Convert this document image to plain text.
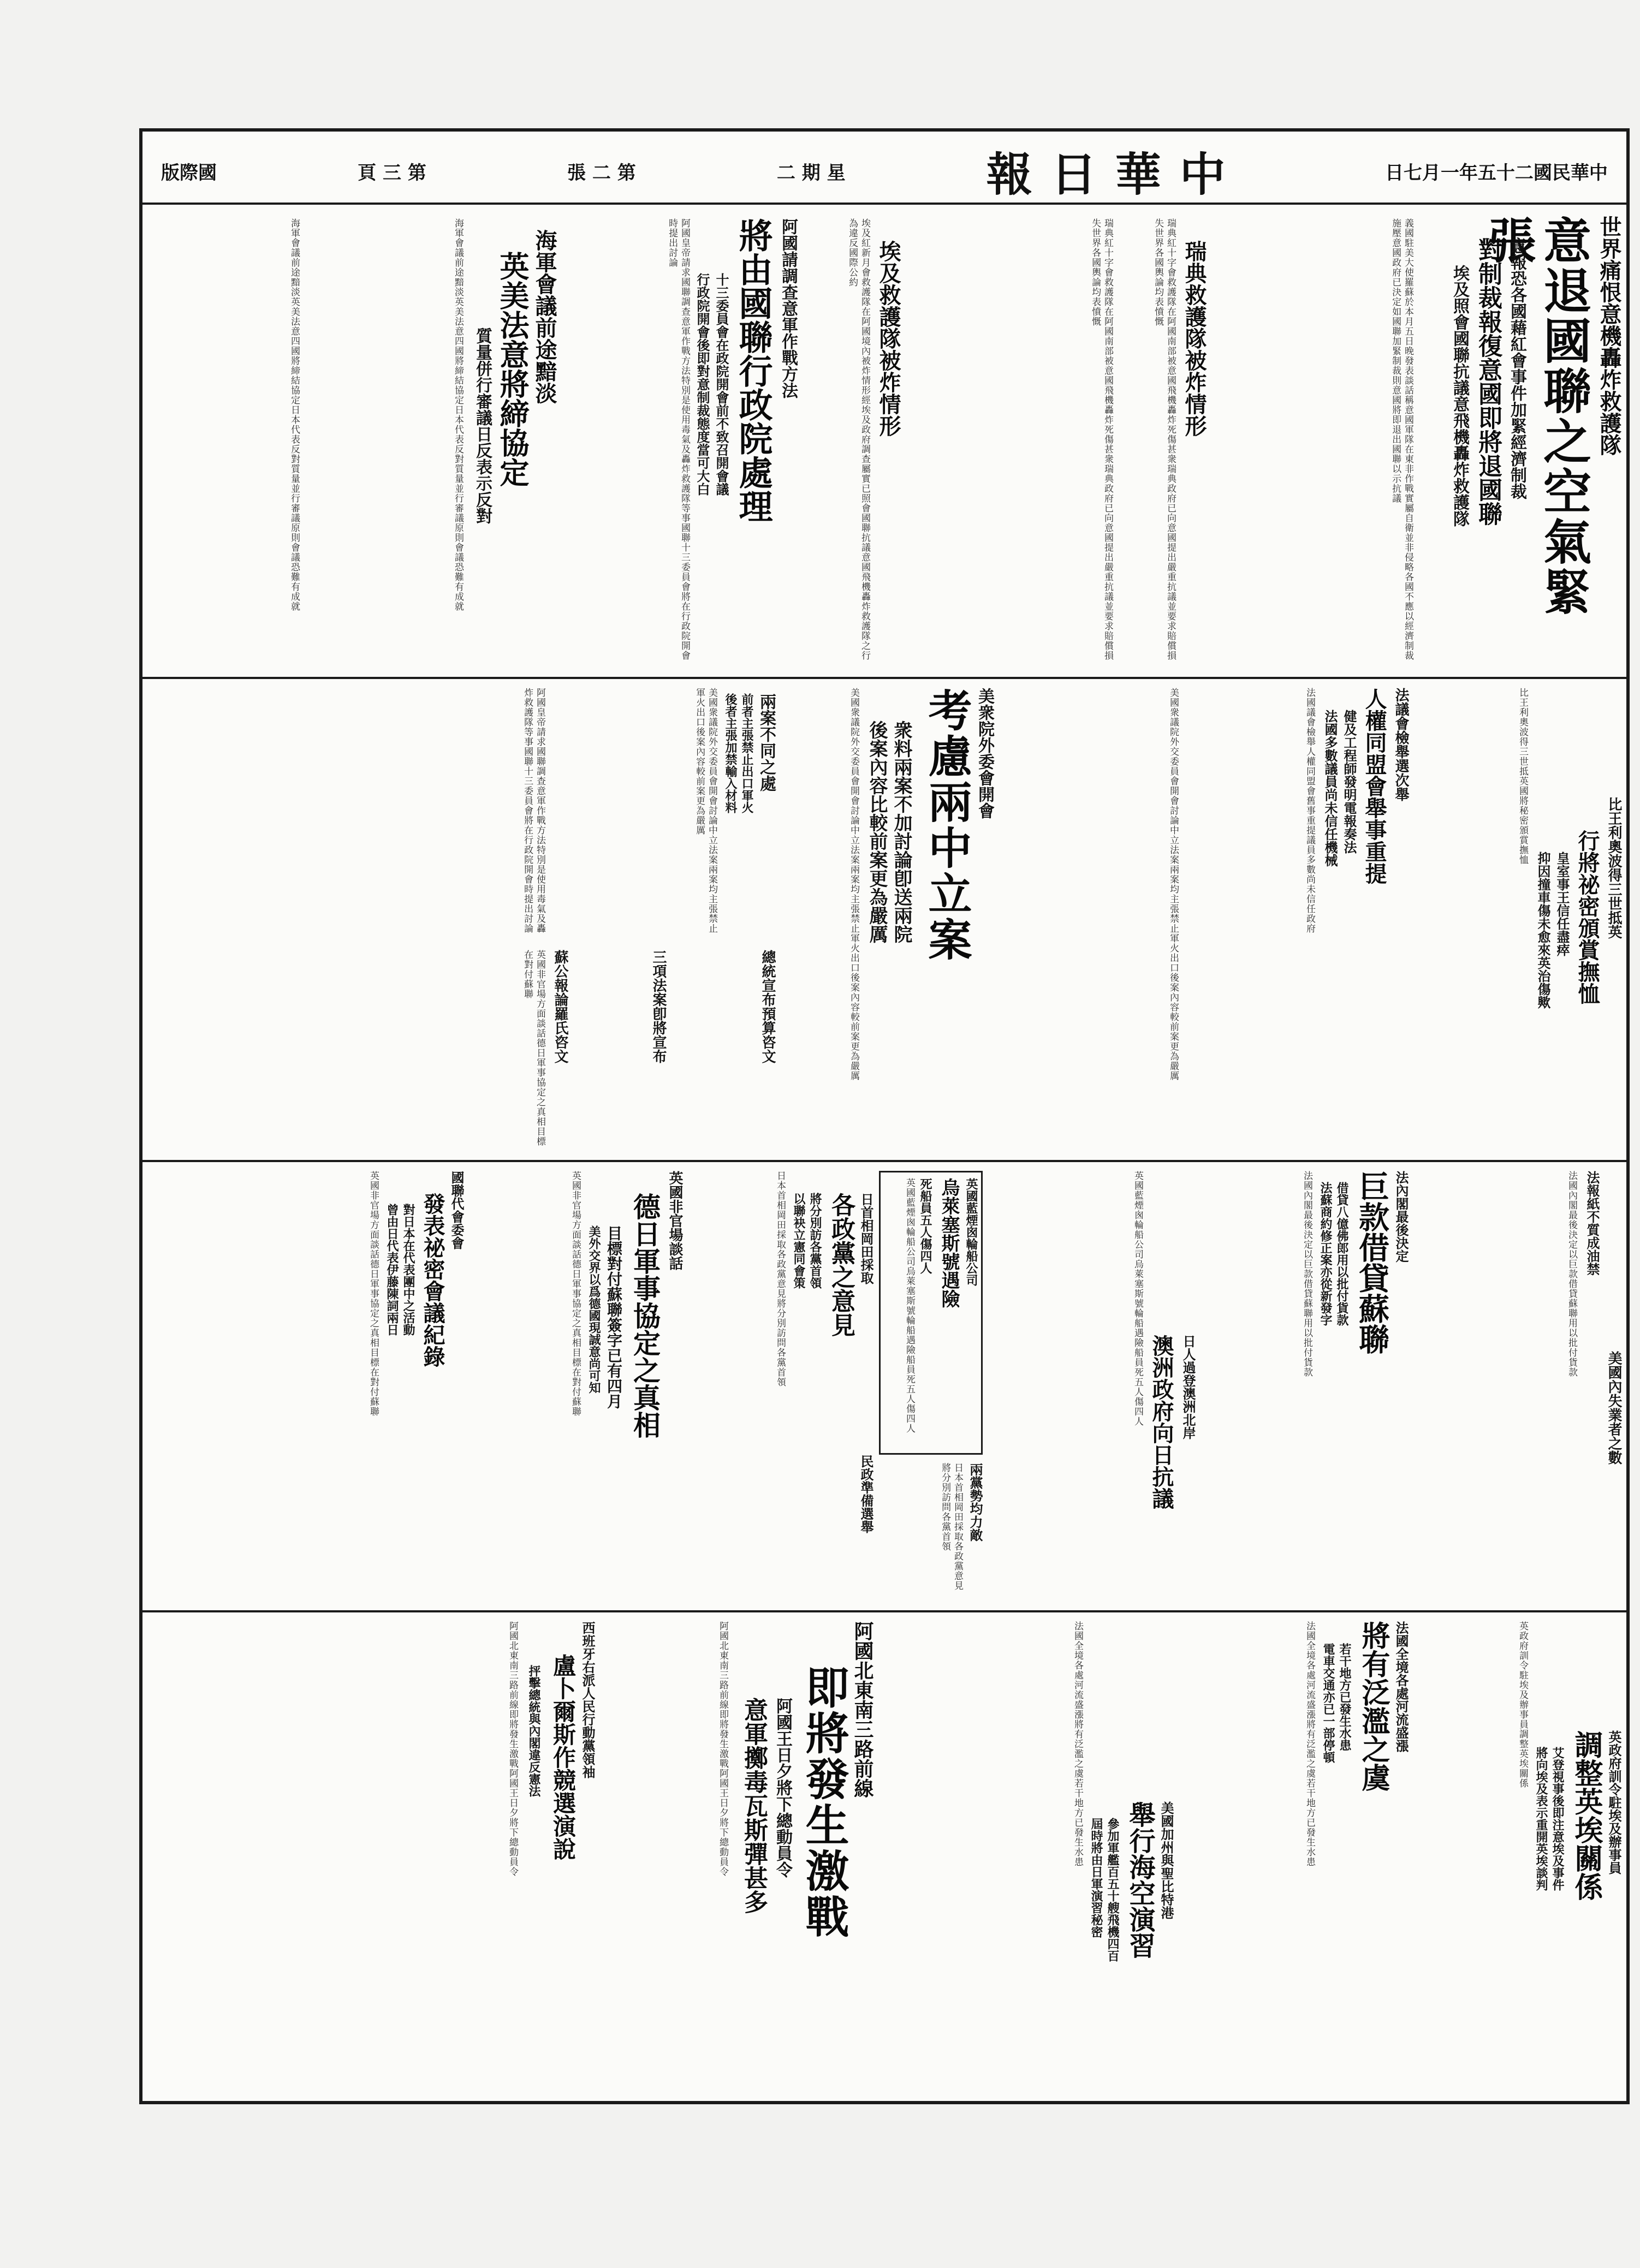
版際國	頁 三 第	張 二 第	二 期 星	報日華中	日七月一年五十二國民華中
世界痛恨意機轟炸救護隊
意退國聯之空氣緊張
意報恐各國藉紅會事件加緊經濟制裁
對制裁報復意國即將退國聯
埃及照會國聯抗議意飛機轟炸救護隊
義國駐美大使羅蘇於本月五日晚發表談話稱意國軍隊在東非作戰實屬自衛並非侵略各國不應以經濟制裁施壓意國政府已決定如國聯加緊制裁則意國將即退出國聯以示抗議
瑞典救護隊被炸情形
瑞典紅十字會救護隊在阿國南部被意國飛機轟炸死傷甚衆瑞典政府已向意國提出嚴重抗議並要求賠償損失世界各國輿論均表憤慨
瑞典紅十字會救護隊在阿國南部被意國飛機轟炸死傷甚衆瑞典政府已向意國提出嚴重抗議並要求賠償損失世界各國輿論均表憤慨
埃及救護隊被炸情形
埃及紅新月會救護隊在阿國境內被炸情形經埃及政府調查屬實已照會國聯抗議意國飛機轟炸救護隊之行為違反國際公約
阿國請調查意軍作戰方法
將由國聯行政院處理
十三委員會在政院開會前不致召開會議
行政院開會後即對意制裁態度當可大白
阿國皇帝請求國聯調查意軍作戰方法特別是使用毒氣及轟炸救護隊等事國聯十三委員會將在行政院開會時提出討論
海軍會議前途黯淡
英美法意將締協定
質量併行審議日反表示反對
海軍會議前途黯淡英美法意四國將締結協定日本代表反對質量並行審議原則會議恐難有成就
海軍會議前途黯淡英美法意四國將締結協定日本代表反對質量並行審議原則會議恐難有成就
比王利奧波得三世抵英
行將祕密頒賞撫恤
皇室事王信任盡瘁
抑因撞車傷未愈來英治傷歟
比王利奧波得三世抵英國將秘密頒賞撫恤
法議會檢舉選次舉
人權同盟會舉事重提
健及工程師發明電報奏法
法國多數議員尚未信任機械
法國議會檢舉人權同盟會舊事重提議員多數尚未信任政府
美國衆議院外交委員會開會討論中立法案兩案均主張禁止軍火出口後案內容較前案更為嚴厲
美衆院外委會開會
考慮兩中立案
衆料兩案不加討論卽送兩院
後案內容比較前案更為嚴厲
美國衆議院外交委員會開會討論中立法案兩案均主張禁止軍火出口後案內容較前案更為嚴厲
兩案不同之處
前者主張禁止出口軍火
後者主張加禁輸入材料
總統宣布預算咨文
三項法案卽將宣布
美國衆議院外交委員會開會討論中立法案兩案均主張禁止軍火出口後案內容較前案更為嚴厲
蘇公報論羅氏咨文
阿國皇帝請求國聯調查意軍作戰方法特別是使用毒氣及轟炸救護隊等事國聯十三委員會將在行政院開會時提出討論
英國非官場方面談話德日軍事協定之真相目標在對付蘇聯
美國內失業者之數
法報紙不質成油禁
法國內閣最後決定以巨款借貸蘇聯用以批付貨款
法內閣最後決定
巨款借貸蘇聯
借貸八億佛郎用以批付貨款
法蘇商約修正案亦從新發字
法國內閣最後決定以巨款借貸蘇聯用以批付貨款
日人過登澳洲北岸
澳洲政府向日抗議
英國藍煙囪輪船公司烏萊塞斯號輪船遇險船員死五人傷四人
英國藍煙囪輪船公司
烏萊塞斯號遇險
死船員五人傷四人
英國藍煙囪輪船公司烏萊塞斯號輪船遇險船員死五人傷四人
兩黨勢均力敵
日本首相岡田採取各政黨意見將分別訪問各黨首領
日首相岡田採取
各政黨之意見
將分別訪各黨首領
以聯袂立憲同會策
民政準備選舉
日本首相岡田採取各政黨意見將分別訪問各黨首領
英國非官場談話
德日軍事協定之真相
目標對付蘇聯簽字已有四月
美外交界以爲德國現誠意尚可知
英國非官場方面談話德日軍事協定之真相目標在對付蘇聯
國聯代會委會
發表祕密會議紀錄
對日本在代表團中之活動
曾由日代表伊藤陳詞兩日
英國非官場方面談話德日軍事協定之真相目標在對付蘇聯
英政府訓令駐埃及辦事員
調整英埃關係
艾登視事後即注意埃及事件
將向埃及表示重開英埃談判
英政府訓令駐埃及辦事員調整英埃關係
法國全境各處河流盛漲
將有泛濫之虞
若干地方已發生水患
電車交通亦已一部停頓
法國全境各處河流盛漲將有泛濫之虞若干地方已發生水患
美國加州與聖比特港
舉行海空演習
參加軍艦百五十艘飛機四百
屆時將由日軍演習秘密
法國全境各處河流盛漲將有泛濫之虞若干地方已發生水患
阿國北東南三路前線
即將發生激戰
阿國王日夕將下總動員令
意軍擲毒瓦斯彈甚多
阿國北東南三路前線即將發生激戰阿國王日夕將下總動員令
西班牙右派人民行動黨領袖
盧卜爾斯作競選演說
抨擊總統與內閣違反憲法
阿國北東南三路前線即將發生激戰阿國王日夕將下總動員令
